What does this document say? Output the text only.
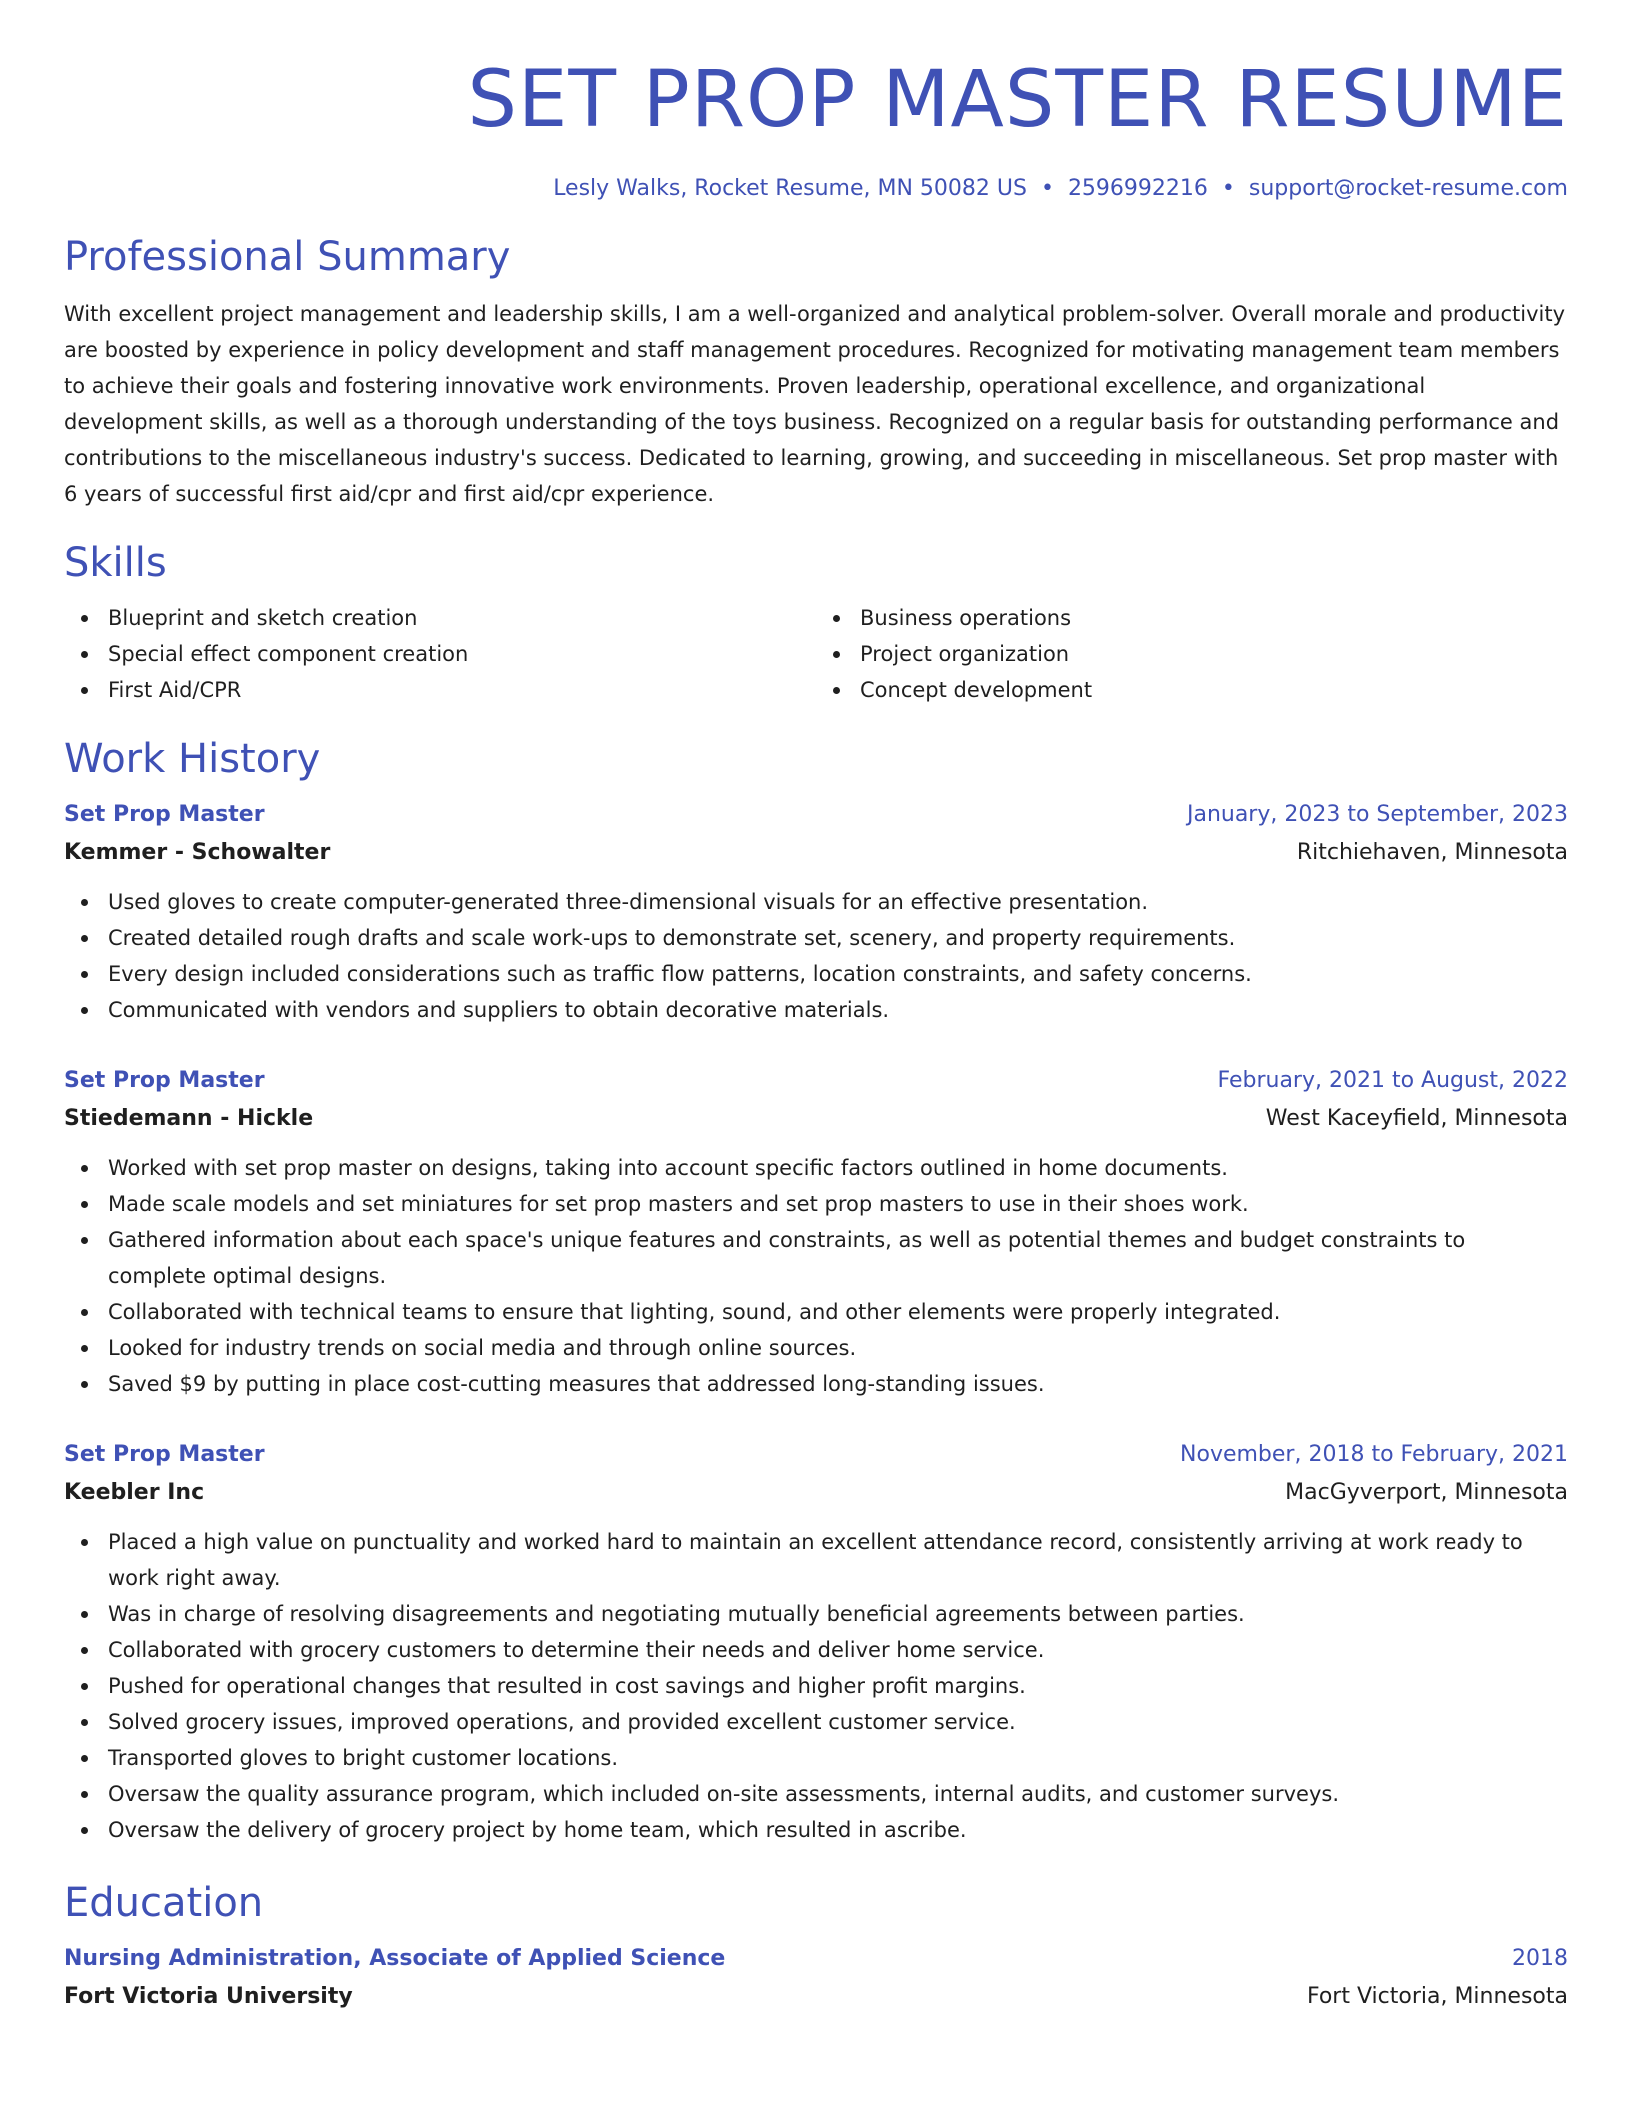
SET PROP MASTER RESUME
Lesly Walks, Rocket Resume, MN 50082 US • 2596992216 • support@rocket-resume.com
Professional Summary

With excellent project management and leadership skills, I am a well-organized and analytical problem-solver. Overall morale and productivity are boosted by experience in policy development and staff management procedures. Recognized for motivating management team members to achieve their goals and fostering innovative work environments. Proven leadership, operational excellence, and organizational development skills, as well as a thorough understanding of the toys business. Recognized on a regular basis for outstanding performance and contributions to the miscellaneous industry's success. Dedicated to learning, growing, and succeeding in miscellaneous. Set prop master with 6 years of successful first aid/cpr and first aid/cpr experience.

Skills
Blueprint and sketch creation
Special effect component creation
First Aid/CPR
Business operations
Project organization
Concept development
Work History
Set Prop Master	January, 2023 to September, 2023
Kemmer - Schowalter	Ritchiehaven, Minnesota
Used gloves to create computer-generated three-dimensional visuals for an effective presentation.
Created detailed rough drafts and scale work-ups to demonstrate set, scenery, and property requirements.
Every design included considerations such as traffic flow patterns, location constraints, and safety concerns.
Communicated with vendors and suppliers to obtain decorative materials.
Set Prop Master	February, 2021 to August, 2022
Stiedemann - Hickle	West Kaceyfield, Minnesota
Worked with set prop master on designs, taking into account specific factors outlined in home documents.
Made scale models and set miniatures for set prop masters and set prop masters to use in their shoes work.
Gathered information about each space's unique features and constraints, as well as potential themes and budget constraints to complete optimal designs.
Collaborated with technical teams to ensure that lighting, sound, and other elements were properly integrated.
Looked for industry trends on social media and through online sources.
Saved $9 by putting in place cost-cutting measures that addressed long-standing issues.
Set Prop Master	November, 2018 to February, 2021
Keebler Inc	MacGyverport, Minnesota
Placed a high value on punctuality and worked hard to maintain an excellent attendance record, consistently arriving at work ready to work right away.
Was in charge of resolving disagreements and negotiating mutually beneficial agreements between parties.
Collaborated with grocery customers to determine their needs and deliver home service.
Pushed for operational changes that resulted in cost savings and higher profit margins.
Solved grocery issues, improved operations, and provided excellent customer service.
Transported gloves to bright customer locations.
Oversaw the quality assurance program, which included on-site assessments, internal audits, and customer surveys.
Oversaw the delivery of grocery project by home team, which resulted in ascribe.
Education
Nursing Administration, Associate of Applied Science	2018
Fort Victoria University	Fort Victoria, Minnesota
